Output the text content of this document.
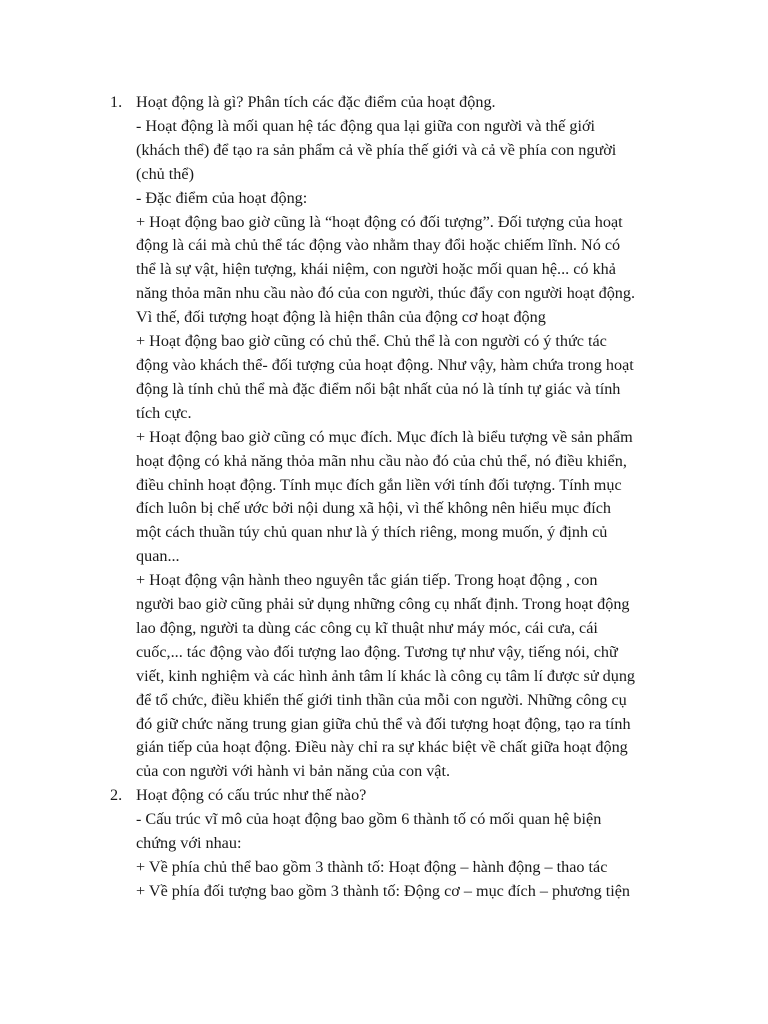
1. Hoạt động là gì? Phân tích các đặc điểm của hoạt động.
- Hoạt động là mối quan hệ tác động qua lại giữa con người và thế giới
(khách thể) để tạo ra sản phẩm cả về phía thế giới và cả về phía con người
(chủ thể)
- Đặc điểm của hoạt động:
+ Hoạt động bao giờ cũng là “hoạt động có đối tượng”. Đối tượng của hoạt
động là cái mà chủ thể tác động vào nhằm thay đổi hoặc chiếm lĩnh. Nó có
thể là sự vật, hiện tượng, khái niệm, con người hoặc mối quan hệ... có khả
năng thỏa mãn nhu cầu nào đó của con người, thúc đẩy con người hoạt động.
Vì thế, đối tượng hoạt động là hiện thân của động cơ hoạt động
+ Hoạt động bao giờ cũng có chủ thể. Chủ thể là con người có ý thức tác
động vào khách thể- đối tượng của hoạt động. Như vậy, hàm chứa trong hoạt
động là tính chủ thể mà đặc điểm nổi bật nhất của nó là tính tự giác và tính
tích cực.
+ Hoạt động bao giờ cũng có mục đích. Mục đích là biểu tượng về sản phẩm
hoạt động có khả năng thỏa mãn nhu cầu nào đó của chủ thể, nó điều khiển,
điều chỉnh hoạt động. Tính mục đích gắn liền với tính đối tượng. Tính mục
đích luôn bị chế ước bởi nội dung xã hội, vì thế không nên hiểu mục đích
một cách thuần túy chủ quan như là ý thích riêng, mong muốn, ý định củ
quan...
+ Hoạt động vận hành theo nguyên tắc gián tiếp. Trong hoạt động , con
người bao giờ cũng phải sử dụng những công cụ nhất định. Trong hoạt động
lao động, người ta dùng các công cụ kĩ thuật như máy móc, cái cưa, cái
cuốc,... tác động vào đối tượng lao động. Tương tự như vậy, tiếng nói, chữ
viết, kinh nghiệm và các hình ảnh tâm lí khác là công cụ tâm lí được sử dụng
để tổ chức, điều khiển thế giới tinh thần của mỗi con người. Những công cụ
đó giữ chức năng trung gian giữa chủ thể và đối tượng hoạt động, tạo ra tính
gián tiếp của hoạt động. Điều này chỉ ra sự khác biệt về chất giữa hoạt động
của con người với hành vi bản năng của con vật.
2. Hoạt động có cấu trúc như thế nào?
- Cấu trúc vĩ mô của hoạt động bao gồm 6 thành tố có mối quan hệ biện
chứng với nhau:
+ Về phía chủ thể bao gồm 3 thành tố: Hoạt động – hành động – thao tác
+ Về phía đối tượng bao gồm 3 thành tố: Động cơ – mục đích – phương tiện
